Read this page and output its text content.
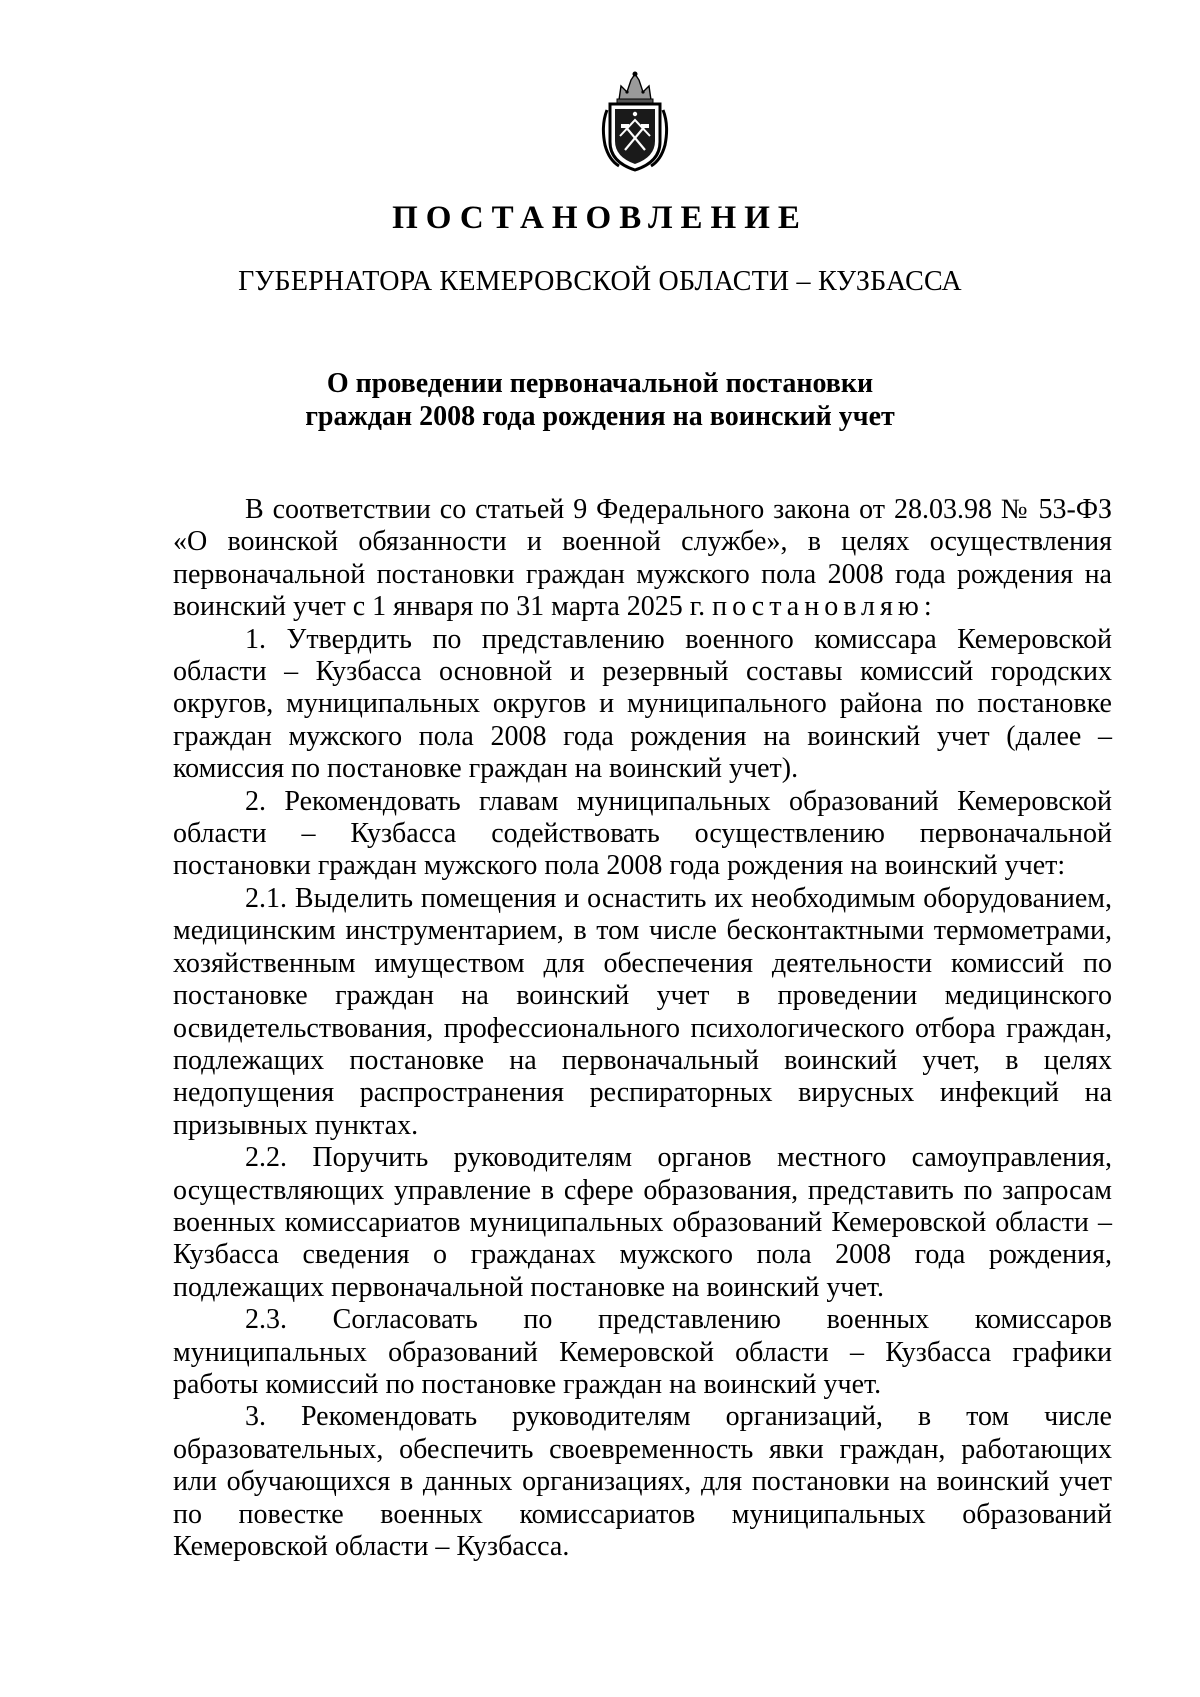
ПОСТАНОВЛЕНИЕ
ГУБЕРНАТОРА КЕМЕРОВСКОЙ ОБЛАСТИ – КУЗБАССА
О проведении первоначальной постановки
граждан 2008 года рождения на воинский учет

В соответствии со статьей 9 Федерального закона от 28.03.98 № 53-ФЗ «О воинской обязанности и военной службе», в целях осуществления первоначальной постановки граждан мужского пола 2008 года рождения на воинский учет с 1 января по 31 марта 2025 г. постановляю:

1. Утвердить по представлению военного комиссара Кемеровской области – Кузбасса основной и резервный составы комиссий городских округов, муниципальных округов и муниципального района по постановке граждан мужского пола 2008 года рождения на воинский учет (далее – комиссия по постановке граждан на воинский учет).

2. Рекомендовать главам муниципальных образований Кемеровской области – Кузбасса содействовать осуществлению первоначальной постановки граждан мужского пола 2008 года рождения на воинский учет:

2.1. Выделить помещения и оснастить их необходимым оборудованием, медицинским инструментарием, в том числе бесконтактными термометрами, хозяйственным имуществом для обеспечения деятельности комиссий по постановке граждан на воинский учет в проведении медицинского освидетельствования, профессионального психологического отбора граждан, подлежащих постановке на первоначальный воинский учет, в целях недопущения распространения респираторных вирусных инфекций на призывных пунктах.

2.2. Поручить руководителям органов местного самоуправления, осуществляющих управление в сфере образования, представить по запросам военных комиссариатов муниципальных образований Кемеровской области – Кузбасса сведения о гражданах мужского пола 2008 года рождения, подлежащих первоначальной постановке на воинский учет.

2.3. Согласовать по представлению военных комиссаров муниципальных образований Кемеровской области – Кузбасса графики работы комиссий по постановке граждан на воинский учет.

3. Рекомендовать руководителям организаций, в том числе образовательных, обеспечить своевременность явки граждан, работающих или обучающихся в данных организациях, для постановки на воинский учет по повестке военных комиссариатов муниципальных образований Кемеровской области – Кузбасса.
